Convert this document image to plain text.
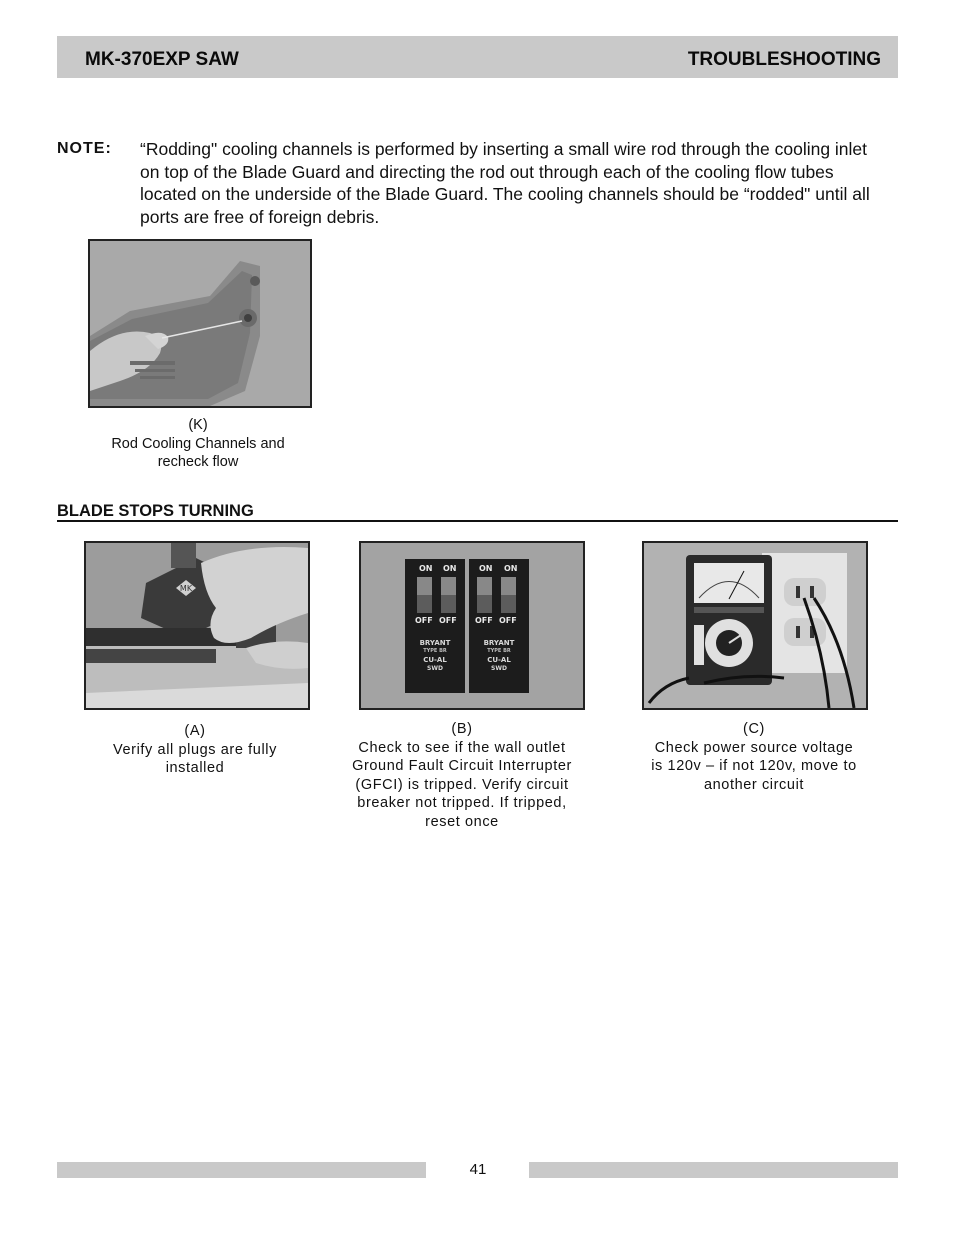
MK-370EXP SAW	TROUBLESHOOTING
NOTE: “Rodding" cooling channels is performed by inserting a small wire rod through the cooling inlet on top of the Blade Guard and directing the rod out through each of the cooling flow tubes located on the underside of the Blade Guard. The cooling channels should be “rodded" until all ports are free of foreign debris.
(K)
Rod Cooling Channels and
recheck flow
BLADE STOPS TURNING
MK
(A)
Verify all plugs are fully
installed
ON ON	ON ON
OFF OFF OFF OFF
BRYANT
TYPE BR
CU-AL
SWD
BRYANT
TYPE BR
CU-AL
SWD
(B)
Check to see if the wall outlet
Ground Fault Circuit Interrupter
(GFCI) is tripped. Verify circuit
breaker not tripped. If tripped,
reset once
(C)
Check power source voltage
is 120v – if not 120v, move to
another circuit
41
